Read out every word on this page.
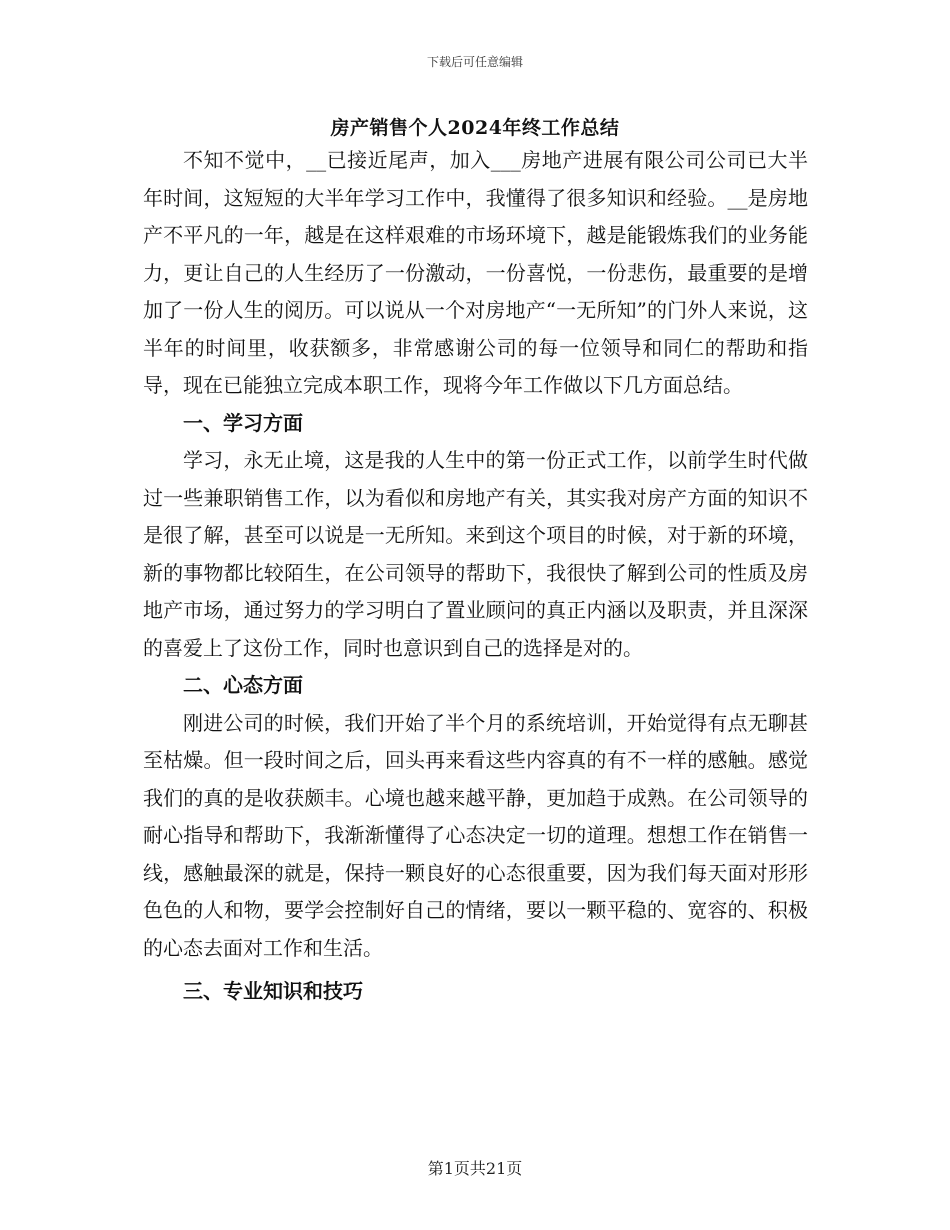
下载后可任意编辑
房产销售个人2024年终工作总结

不知不觉中，__已接近尾声，加入___房地产进展有限公司公司已大半年时间，这短短的大半年学习工作中，我懂得了很多知识和经验。__是房地产不平凡的一年，越是在这样艰难的市场环境下，越是能锻炼我们的业务能力，更让自己的人生经历了一份激动，一份喜悦，一份悲伤，最重要的是增加了一份人生的阅历。可以说从一个对房地产“一无所知”的门外人来说，这半年的时间里，收获额多，非常感谢公司的每一位领导和同仁的帮助和指导，现在已能独立完成本职工作，现将今年工作做以下几方面总结。

一、学习方面

学习，永无止境，这是我的人生中的第一份正式工作，以前学生时代做过一些兼职销售工作，以为看似和房地产有关，其实我对房产方面的知识不是很了解，甚至可以说是一无所知。来到这个项目的时候，对于新的环境，新的事物都比较陌生，在公司领导的帮助下，我很快了解到公司的性质及房地产市场，通过努力的学习明白了置业顾问的真正内涵以及职责，并且深深的喜爱上了这份工作，同时也意识到自己的选择是对的。

二、心态方面

刚进公司的时候，我们开始了半个月的系统培训，开始觉得有点无聊甚至枯燥。但一段时间之后，回头再来看这些内容真的有不一样的感触。感觉我们的真的是收获颇丰。心境也越来越平静，更加趋于成熟。在公司领导的耐心指导和帮助下，我渐渐懂得了心态决定一切的道理。想想工作在销售一线，感触最深的就是，保持一颗良好的心态很重要，因为我们每天面对形形色色的人和物，要学会控制好自己的情绪，要以一颗平稳的、宽容的、积极的心态去面对工作和生活。

三、专业知识和技巧
第1页共21页
